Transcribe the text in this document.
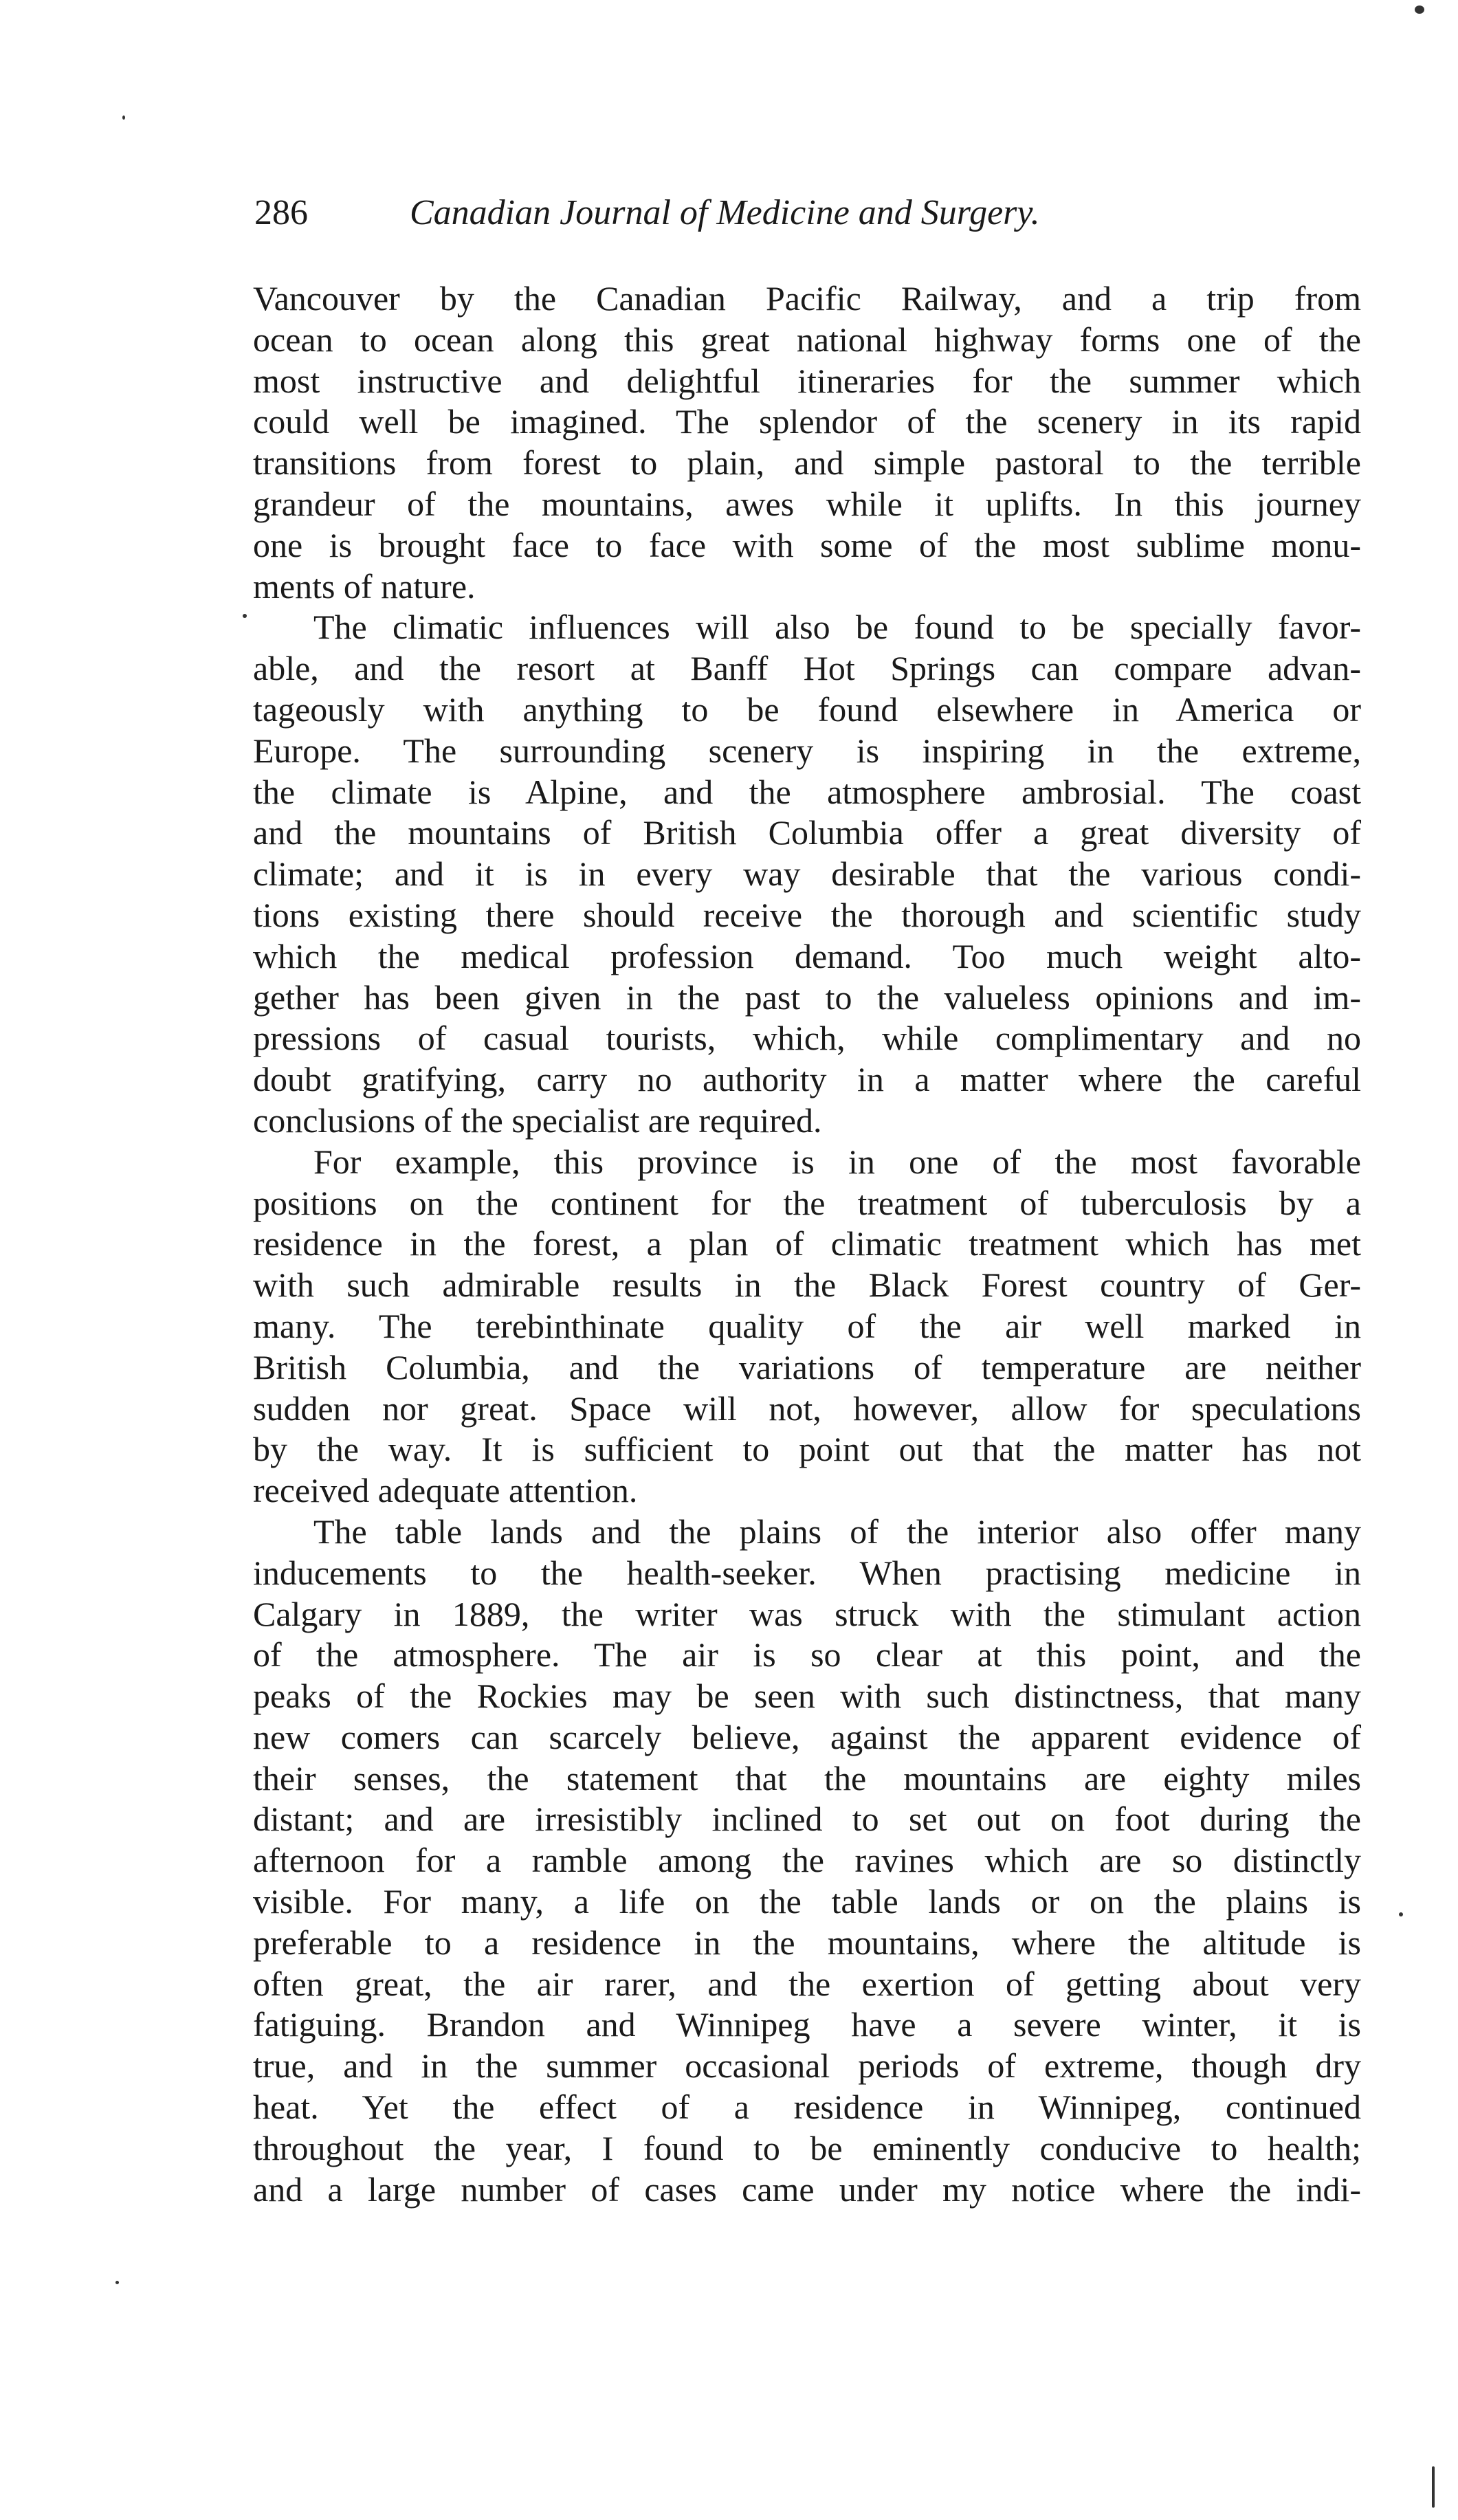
286	Canadian Journal of Medicine and Surgery.
Vancouver by the Canadian Pacific Railway, and a trip from
ocean to ocean along this great national highway forms one of the
most instructive and delightful itineraries for the summer which
could well be imagined. The splendor of the scenery in its rapid
transitions from forest to plain, and simple pastoral to the terrible
grandeur of the mountains, awes while it uplifts. In this journey
one is brought face to face with some of the most sublime monu-
ments of nature.
The climatic influences will also be found to be specially favor-
able, and the resort at Banff Hot Springs can compare advan-
tageously with anything to be found elsewhere in America or
Europe. The surrounding scenery is inspiring in the extreme,
the climate is Alpine, and the atmosphere ambrosial. The coast
and the mountains of British Columbia offer a great diversity of
climate; and it is in every way desirable that the various condi-
tions existing there should receive the thorough and scientific study
which the medical profession demand. Too much weight alto-
gether has been given in the past to the valueless opinions and im-
pressions of casual tourists, which, while complimentary and no
doubt gratifying, carry no authority in a matter where the careful
conclusions of the specialist are required.
For example, this province is in one of the most favorable
positions on the continent for the treatment of tuberculosis by a
residence in the forest, a plan of climatic treatment which has met
with such admirable results in the Black Forest country of Ger-
many. The terebinthinate quality of the air well marked in
British Columbia, and the variations of temperature are neither
sudden nor great. Space will not, however, allow for speculations
by the way. It is sufficient to point out that the matter has not
received adequate attention.
The table lands and the plains of the interior also offer many
inducements to the health-seeker. When practising medicine in
Calgary in 1889, the writer was struck with the stimulant action
of the atmosphere. The air is so clear at this point, and the
peaks of the Rockies may be seen with such distinctness, that many
new comers can scarcely believe, against the apparent evidence of
their senses, the statement that the mountains are eighty miles
distant; and are irresistibly inclined to set out on foot during the
afternoon for a ramble among the ravines which are so distinctly
visible. For many, a life on the table lands or on the plains is
preferable to a residence in the mountains, where the altitude is
often great, the air rarer, and the exertion of getting about very
fatiguing. Brandon and Winnipeg have a severe winter, it is
true, and in the summer occasional periods of extreme, though dry
heat. Yet the effect of a residence in Winnipeg, continued
throughout the year, I found to be eminently conducive to health;
and a large number of cases came under my notice where the indi-
